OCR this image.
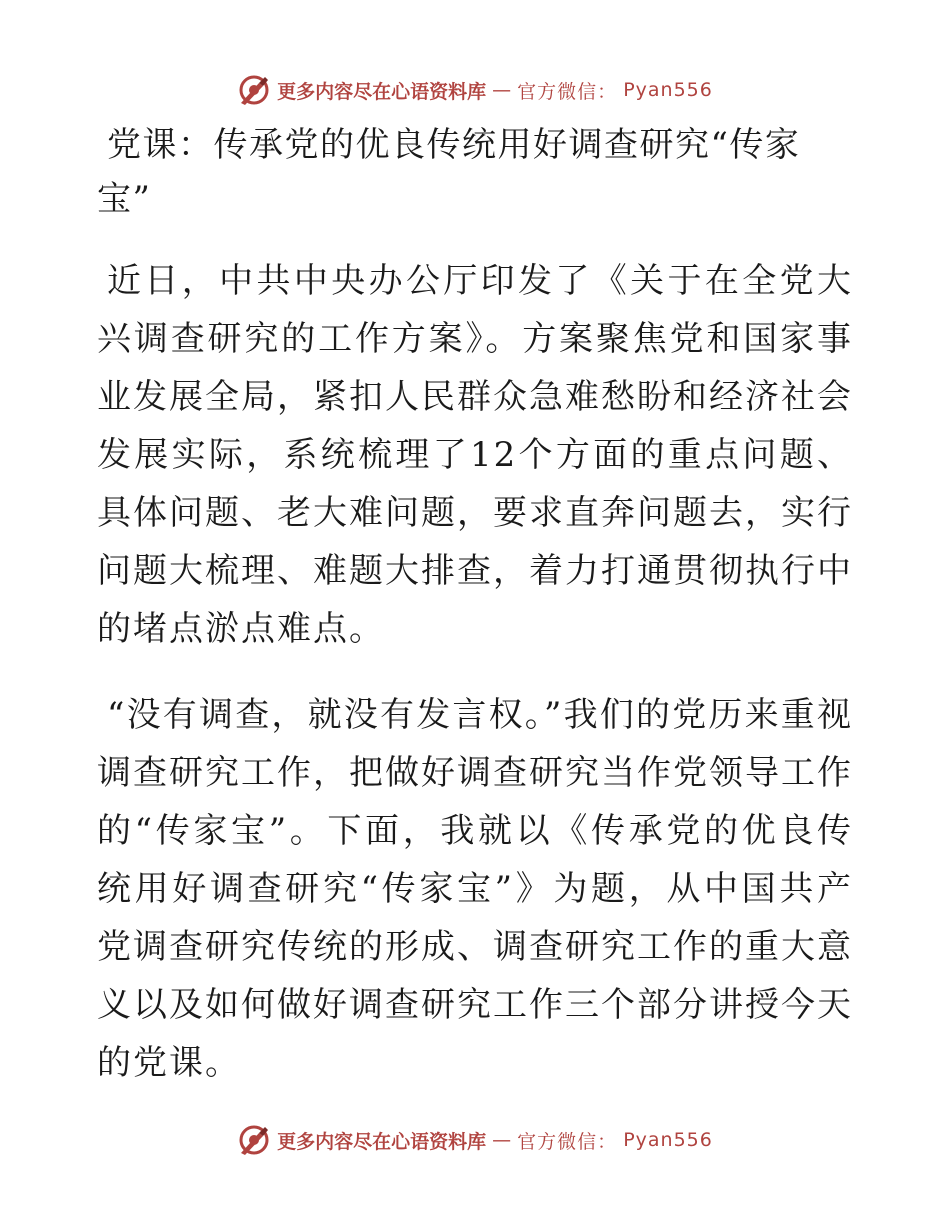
更多内容尽在心语资料库 — 官方微信： Pyan556
党课：传承党的优良传统用好调查研究“传家宝”

近日，中共中央办公厅印发了《关于在全党大兴调查研究的工作方案》。方案聚焦党和国家事业发展全局，紧扣人民群众急难愁盼和经济社会发展实际，系统梳理了12个方面的重点问题、具体问题、老大难问题，要求直奔问题去，实行问题大梳理、难题大排查，着力打通贯彻执行中的堵点淤点难点。

“没有调查，就没有发言权。”我们的党历来重视调查研究工作，把做好调查研究当作党领导工作的“传家宝”。下面，我就以《传承党的优良传统用好调查研究“传家宝”》为题，从中国共产党调查研究传统的形成、调查研究工作的重大意义以及如何做好调查研究工作三个部分讲授今天的党课。

更多内容尽在心语资料库 — 官方微信： Pyan556
